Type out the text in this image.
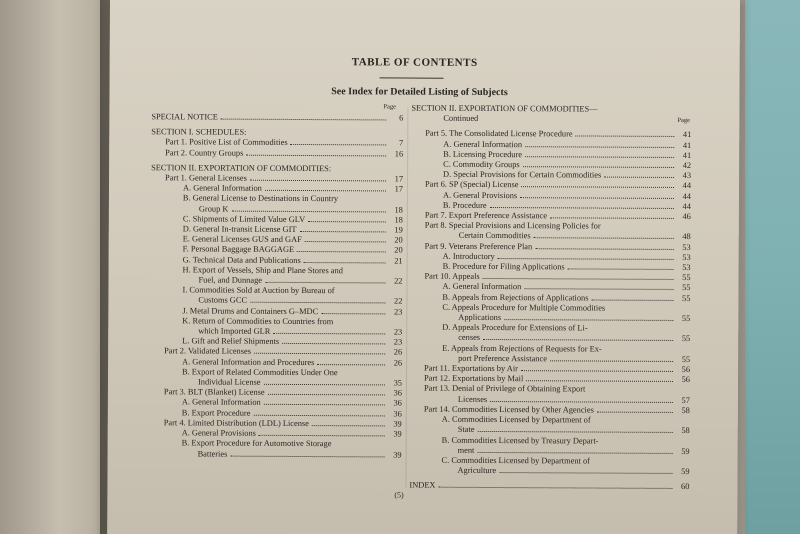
TABLE OF CONTENTS
See Index for Detailed Listing of Subjects
Page
Page
SPECIAL NOTICE	6
SECTION I. SCHEDULES:
Part 1. Positive List of Commodities	7
Part 2. Country Groups	16
SECTION II. EXPORTATION OF COMMODITIES:
Part 1. General Licenses	17
A. General Information	17
B. General License to Destinations in Country
Group K	18
C. Shipments of Limited Value GLV	18
D. General In-transit License GIT	19
E. General Licenses GUS and GAF	20
F. Personal Baggage BAGGAGE	20
G. Technical Data and Publications	21
H. Export of Vessels, Ship and Plane Stores and
Fuel, and Dunnage	22
I. Commodities Sold at Auction by Bureau of
Customs GCC	22
J. Metal Drums and Containers G–MDC	23
K. Return of Commodities to Countries from
which Imported GLR	23
L. Gift and Relief Shipments	23
Part 2. Validated Licenses	26
A. General Information and Procedures	26
B. Export of Related Commodities Under One
Individual License	35
Part 3. BLT (Blanket) License	36
A. General Information	36
B. Export Procedure	36
Part 4. Limited Distribution (LDL) License	39
A. General Provisions	39
B. Export Procedure for Automotive Storage
Batteries	39
SECTION II. EXPORTATION OF COMMODITIES—
Continued
Part 5. The Consolidated License Procedure	41
A. General Information	41
B. Licensing Procedure	41
C. Commodity Groups	42
D. Special Provisions for Certain Commodities	43
Part 6. SP (Special) License	44
A. General Provisions	44
B. Procedure	44
Part 7. Export Preference Assistance	46
Part 8. Special Provisions and Licensing Policies for
Certain Commodities	48
Part 9. Veterans Preference Plan	53
A. Introductory	53
B. Procedure for Filing Applications	53
Part 10. Appeals	55
A. General Information	55
B. Appeals from Rejections of Applications	55
C. Appeals Procedure for Multiple Commodities
Applications	55
D. Appeals Procedure for Extensions of Li-
censes	55
E. Appeals from Rejections of Requests for Ex-
port Preference Assistance	55
Part 11. Exportations by Air	56
Part 12. Exportations by Mail	56
Part 13. Denial of Privilege of Obtaining Export
Licenses	57
Part 14. Commodities Licensed by Other Agencies	58
A. Commodities Licensed by Department of
State	58
B. Commodities Licensed by Treasury Depart-
ment	59
C. Commodities Licensed by Department of
Agriculture	59
INDEX	60
(5)
